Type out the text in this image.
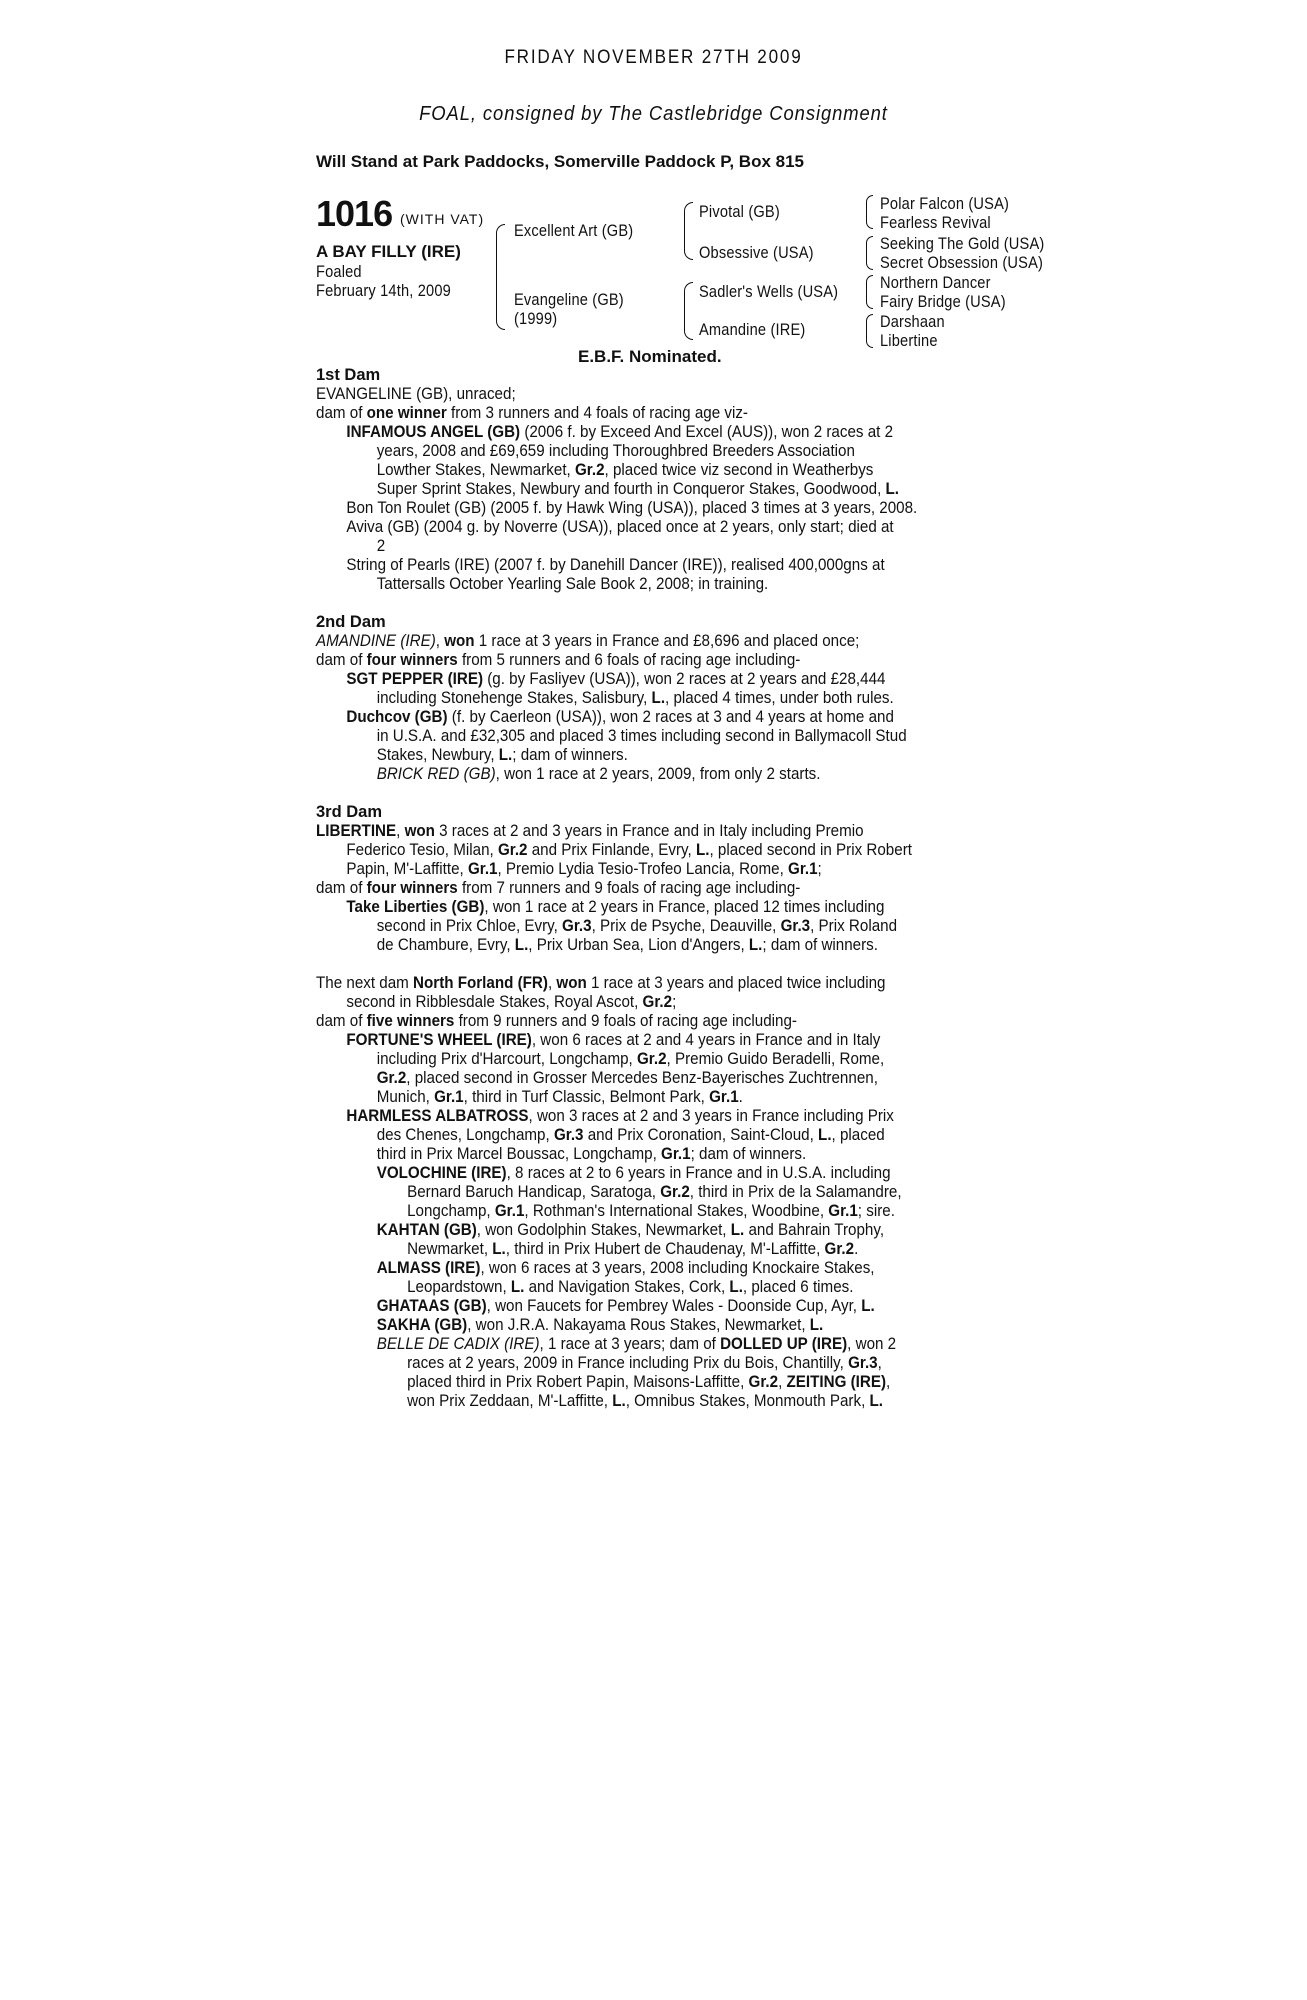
FRIDAY NOVEMBER 27TH 2009
FOAL, consigned by The Castlebridge Consignment
Will Stand at Park Paddocks, Somerville Paddock P, Box 815
1016 (WITH VAT)
A BAY FILLY (IRE)
Foaled
February 14th, 2009
Excellent Art (GB)
Evangeline (GB)
(1999)
Pivotal (GB)
Obsessive (USA)
Sadler's Wells (USA)
Amandine (IRE)
Polar Falcon (USA)
Fearless Revival
Seeking The Gold (USA)
Secret Obsession (USA)
Northern Dancer
Fairy Bridge (USA)
Darshaan
Libertine
E.B.F. Nominated.
1st Dam
EVANGELINE (GB), unraced;
dam of one winner from 3 runners and 4 foals of racing age viz-
INFAMOUS ANGEL (GB) (2006 f. by Exceed And Excel (AUS)), won 2 races at 2
years, 2008 and £69,659 including Thoroughbred Breeders Association
Lowther Stakes, Newmarket, Gr.2, placed twice viz second in Weatherbys
Super Sprint Stakes, Newbury and fourth in Conqueror Stakes, Goodwood, L.
Bon Ton Roulet (GB) (2005 f. by Hawk Wing (USA)), placed 3 times at 3 years, 2008.
Aviva (GB) (2004 g. by Noverre (USA)), placed once at 2 years, only start; died at
2
String of Pearls (IRE) (2007 f. by Danehill Dancer (IRE)), realised 400,000gns at
Tattersalls October Yearling Sale Book 2, 2008; in training.
2nd Dam
AMANDINE (IRE), won 1 race at 3 years in France and £8,696 and placed once;
dam of four winners from 5 runners and 6 foals of racing age including-
SGT PEPPER (IRE) (g. by Fasliyev (USA)), won 2 races at 2 years and £28,444
including Stonehenge Stakes, Salisbury, L., placed 4 times, under both rules.
Duchcov (GB) (f. by Caerleon (USA)), won 2 races at 3 and 4 years at home and
in U.S.A. and £32,305 and placed 3 times including second in Ballymacoll Stud
Stakes, Newbury, L.; dam of winners.
BRICK RED (GB), won 1 race at 2 years, 2009, from only 2 starts.
3rd Dam
LIBERTINE, won 3 races at 2 and 3 years in France and in Italy including Premio
Federico Tesio, Milan, Gr.2 and Prix Finlande, Evry, L., placed second in Prix Robert
Papin, M'-Laffitte, Gr.1, Premio Lydia Tesio-Trofeo Lancia, Rome, Gr.1;
dam of four winners from 7 runners and 9 foals of racing age including-
Take Liberties (GB), won 1 race at 2 years in France, placed 12 times including
second in Prix Chloe, Evry, Gr.3, Prix de Psyche, Deauville, Gr.3, Prix Roland
de Chambure, Evry, L., Prix Urban Sea, Lion d'Angers, L.; dam of winners.
The next dam North Forland (FR), won 1 race at 3 years and placed twice including
second in Ribblesdale Stakes, Royal Ascot, Gr.2;
dam of five winners from 9 runners and 9 foals of racing age including-
FORTUNE'S WHEEL (IRE), won 6 races at 2 and 4 years in France and in Italy
including Prix d'Harcourt, Longchamp, Gr.2, Premio Guido Beradelli, Rome,
Gr.2, placed second in Grosser Mercedes Benz-Bayerisches Zuchtrennen,
Munich, Gr.1, third in Turf Classic, Belmont Park, Gr.1.
HARMLESS ALBATROSS, won 3 races at 2 and 3 years in France including Prix
des Chenes, Longchamp, Gr.3 and Prix Coronation, Saint-Cloud, L., placed
third in Prix Marcel Boussac, Longchamp, Gr.1; dam of winners.
VOLOCHINE (IRE), 8 races at 2 to 6 years in France and in U.S.A. including
Bernard Baruch Handicap, Saratoga, Gr.2, third in Prix de la Salamandre,
Longchamp, Gr.1, Rothman's International Stakes, Woodbine, Gr.1; sire.
KAHTAN (GB), won Godolphin Stakes, Newmarket, L. and Bahrain Trophy,
Newmarket, L., third in Prix Hubert de Chaudenay, M'-Laffitte, Gr.2.
ALMASS (IRE), won 6 races at 3 years, 2008 including Knockaire Stakes,
Leopardstown, L. and Navigation Stakes, Cork, L., placed 6 times.
GHATAAS (GB), won Faucets for Pembrey Wales - Doonside Cup, Ayr, L.
SAKHA (GB), won J.R.A. Nakayama Rous Stakes, Newmarket, L.
BELLE DE CADIX (IRE), 1 race at 3 years; dam of DOLLED UP (IRE), won 2
races at 2 years, 2009 in France including Prix du Bois, Chantilly, Gr.3,
placed third in Prix Robert Papin, Maisons-Laffitte, Gr.2, ZEITING (IRE),
won Prix Zeddaan, M'-Laffitte, L., Omnibus Stakes, Monmouth Park, L.
